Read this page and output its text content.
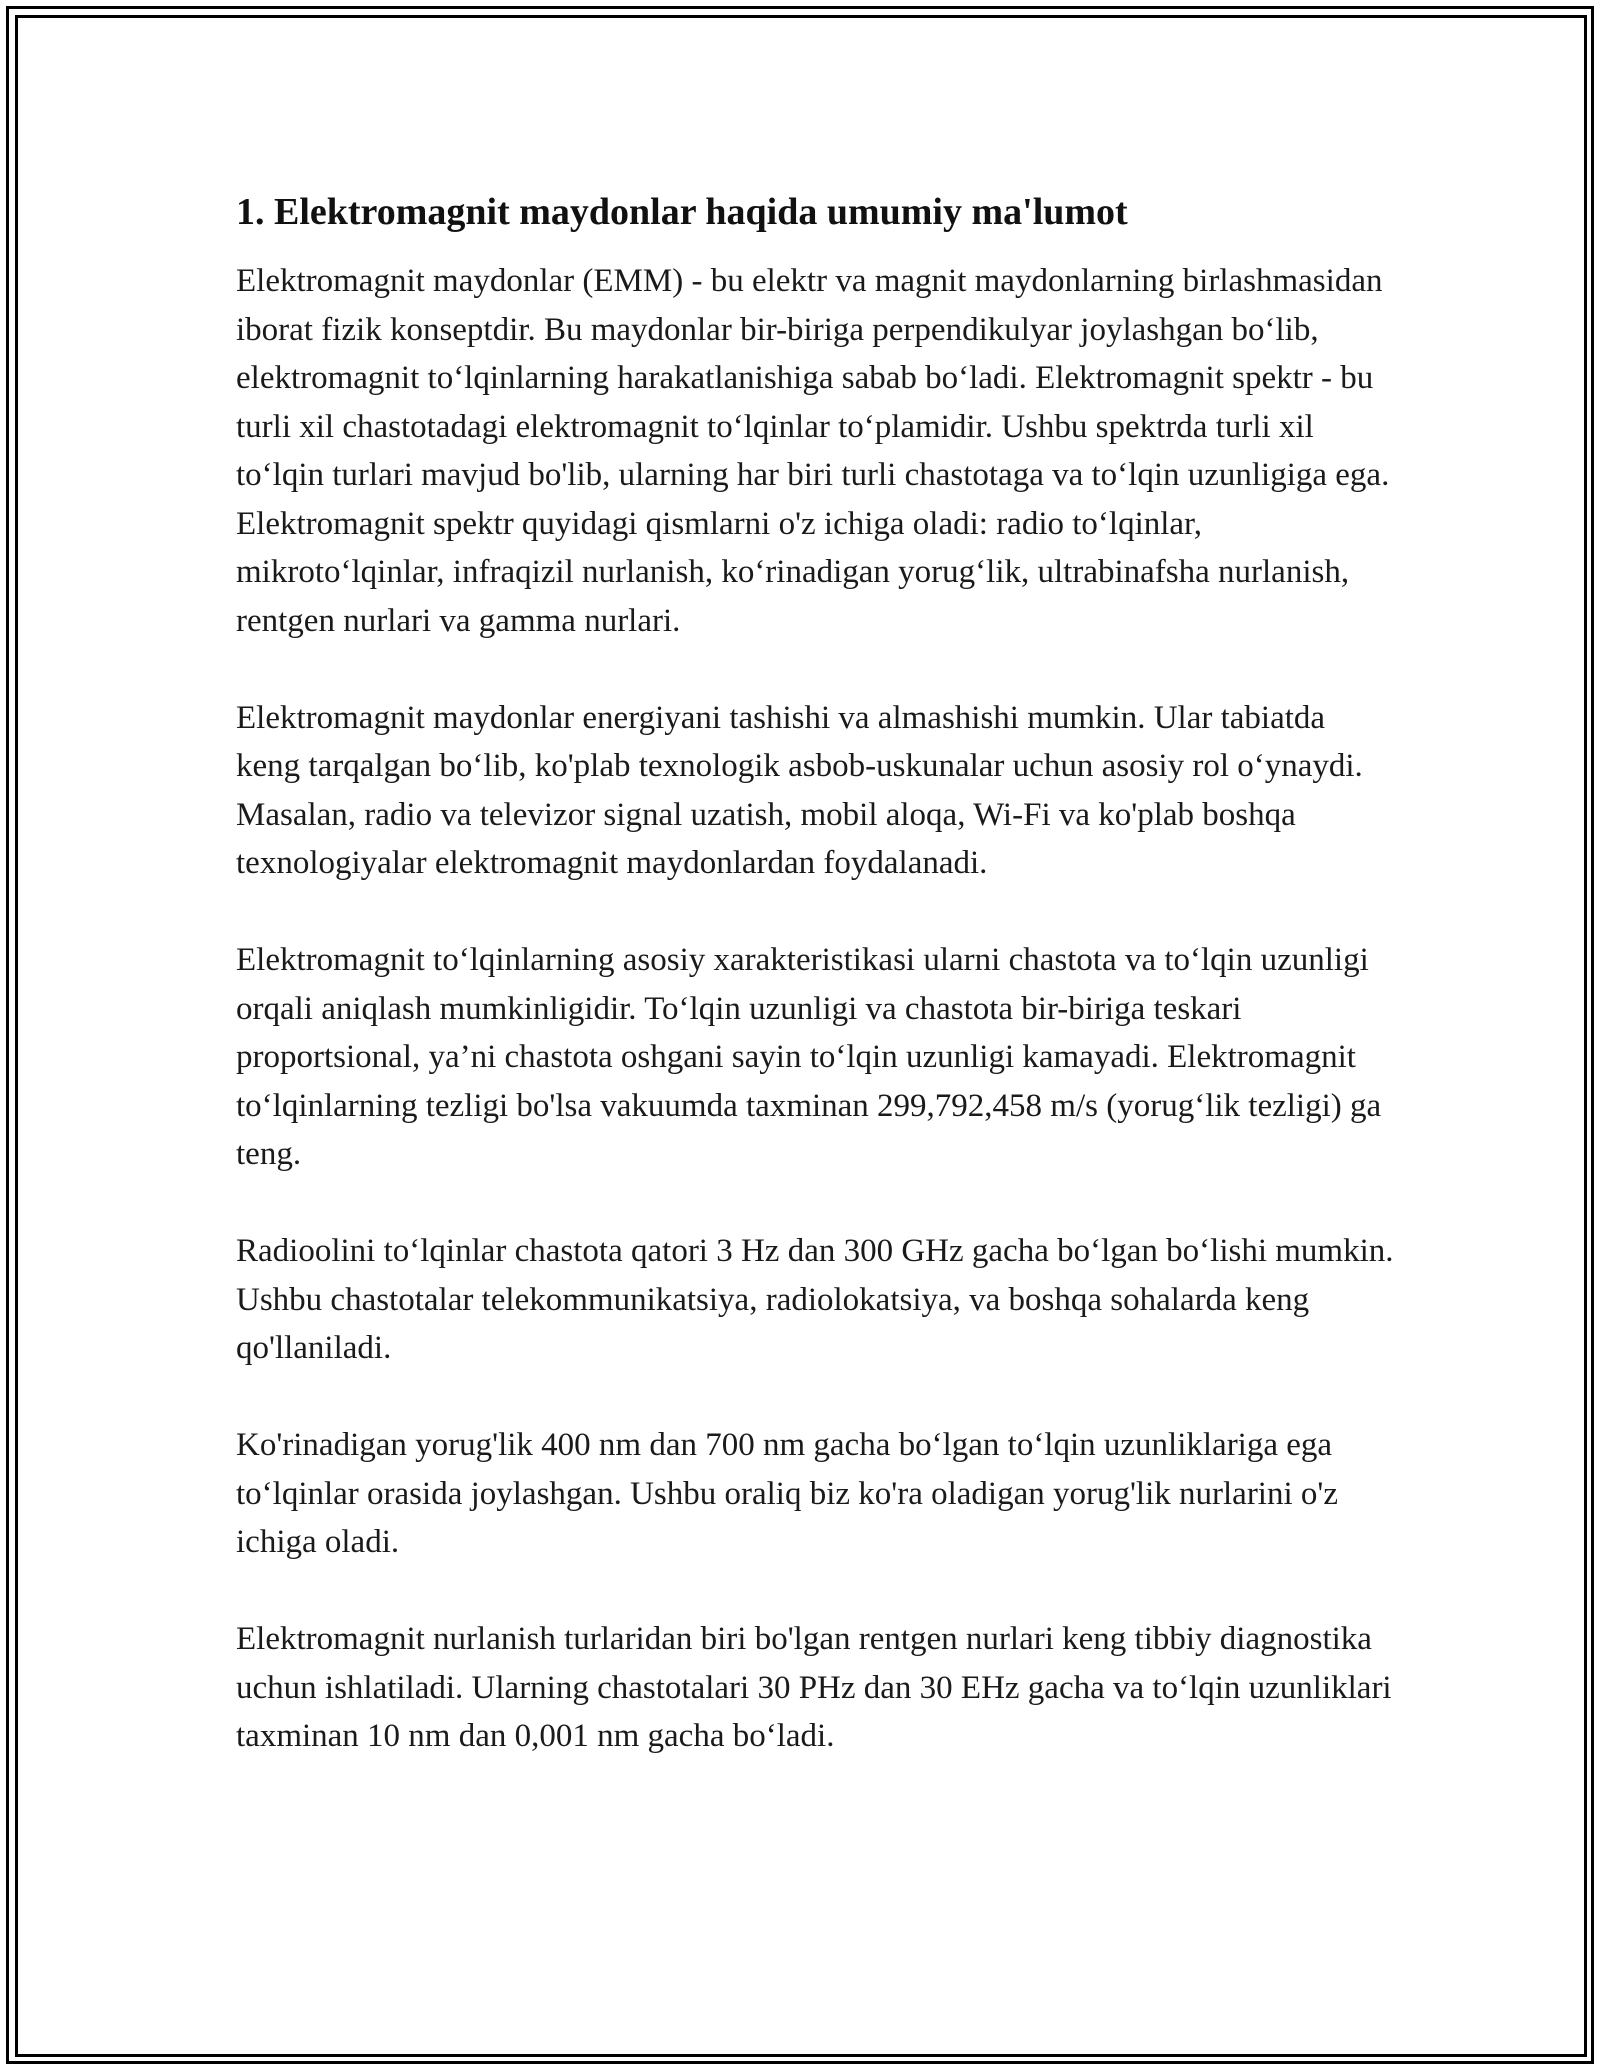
1. Elektromagnit maydonlar haqida umumiy ma'lumot

Elektromagnit maydonlar (EMM) - bu elektr va magnit maydonlarning birlashmasidan iborat fizik konseptdir. Bu maydonlar bir-biriga perpendikulyar joylashgan bo‘lib, elektromagnit to‘lqinlarning harakatlanishiga sabab bo‘ladi. Elektromagnit spektr - bu turli xil chastotadagi elektromagnit to‘lqinlar to‘plamidir. Ushbu spektrda turli xil to‘lqin turlari mavjud bo'lib, ularning har biri turli chastotaga va to‘lqin uzunligiga ega. Elektromagnit spektr quyidagi qismlarni o'z ichiga oladi: radio to‘lqinlar, mikroto‘lqinlar, infraqizil nurlanish, ko‘rinadigan yorug‘lik, ultrabinafsha nurlanish, rentgen nurlari va gamma nurlari.

Elektromagnit maydonlar energiyani tashishi va almashishi mumkin. Ular tabiatda keng tarqalgan bo‘lib, ko'plab texnologik asbob-uskunalar uchun asosiy rol o‘ynaydi. Masalan, radio va televizor signal uzatish, mobil aloqa, Wi-Fi va ko'plab boshqa texnologiyalar elektromagnit maydonlardan foydalanadi.

Elektromagnit to‘lqinlarning asosiy xarakteristikasi ularni chastota va to‘lqin uzunligi orqali aniqlash mumkinligidir. To‘lqin uzunligi va chastota bir-biriga teskari proportsional, ya’ni chastota oshgani sayin to‘lqin uzunligi kamayadi. Elektromagnit to‘lqinlarning tezligi bo'lsa vakuumda taxminan 299,792,458 m/s (yorug‘lik tezligi) ga teng.

Radioolini to‘lqinlar chastota qatori 3 Hz dan 300 GHz gacha bo‘lgan bo‘lishi mumkin. Ushbu chastotalar telekommunikatsiya, radiolokatsiya, va boshqa sohalarda keng qo'llaniladi.

Ko'rinadigan yorug'lik 400 nm dan 700 nm gacha bo‘lgan to‘lqin uzunliklariga ega to‘lqinlar orasida joylashgan. Ushbu oraliq biz ko'ra oladigan yorug'lik nurlarini o'z ichiga oladi.

Elektromagnit nurlanish turlaridan biri bo'lgan rentgen nurlari keng tibbiy diagnostika uchun ishlatiladi. Ularning chastotalari 30 PHz dan 30 EHz gacha va to‘lqin uzunliklari taxminan 10 nm dan 0,001 nm gacha bo‘ladi.
